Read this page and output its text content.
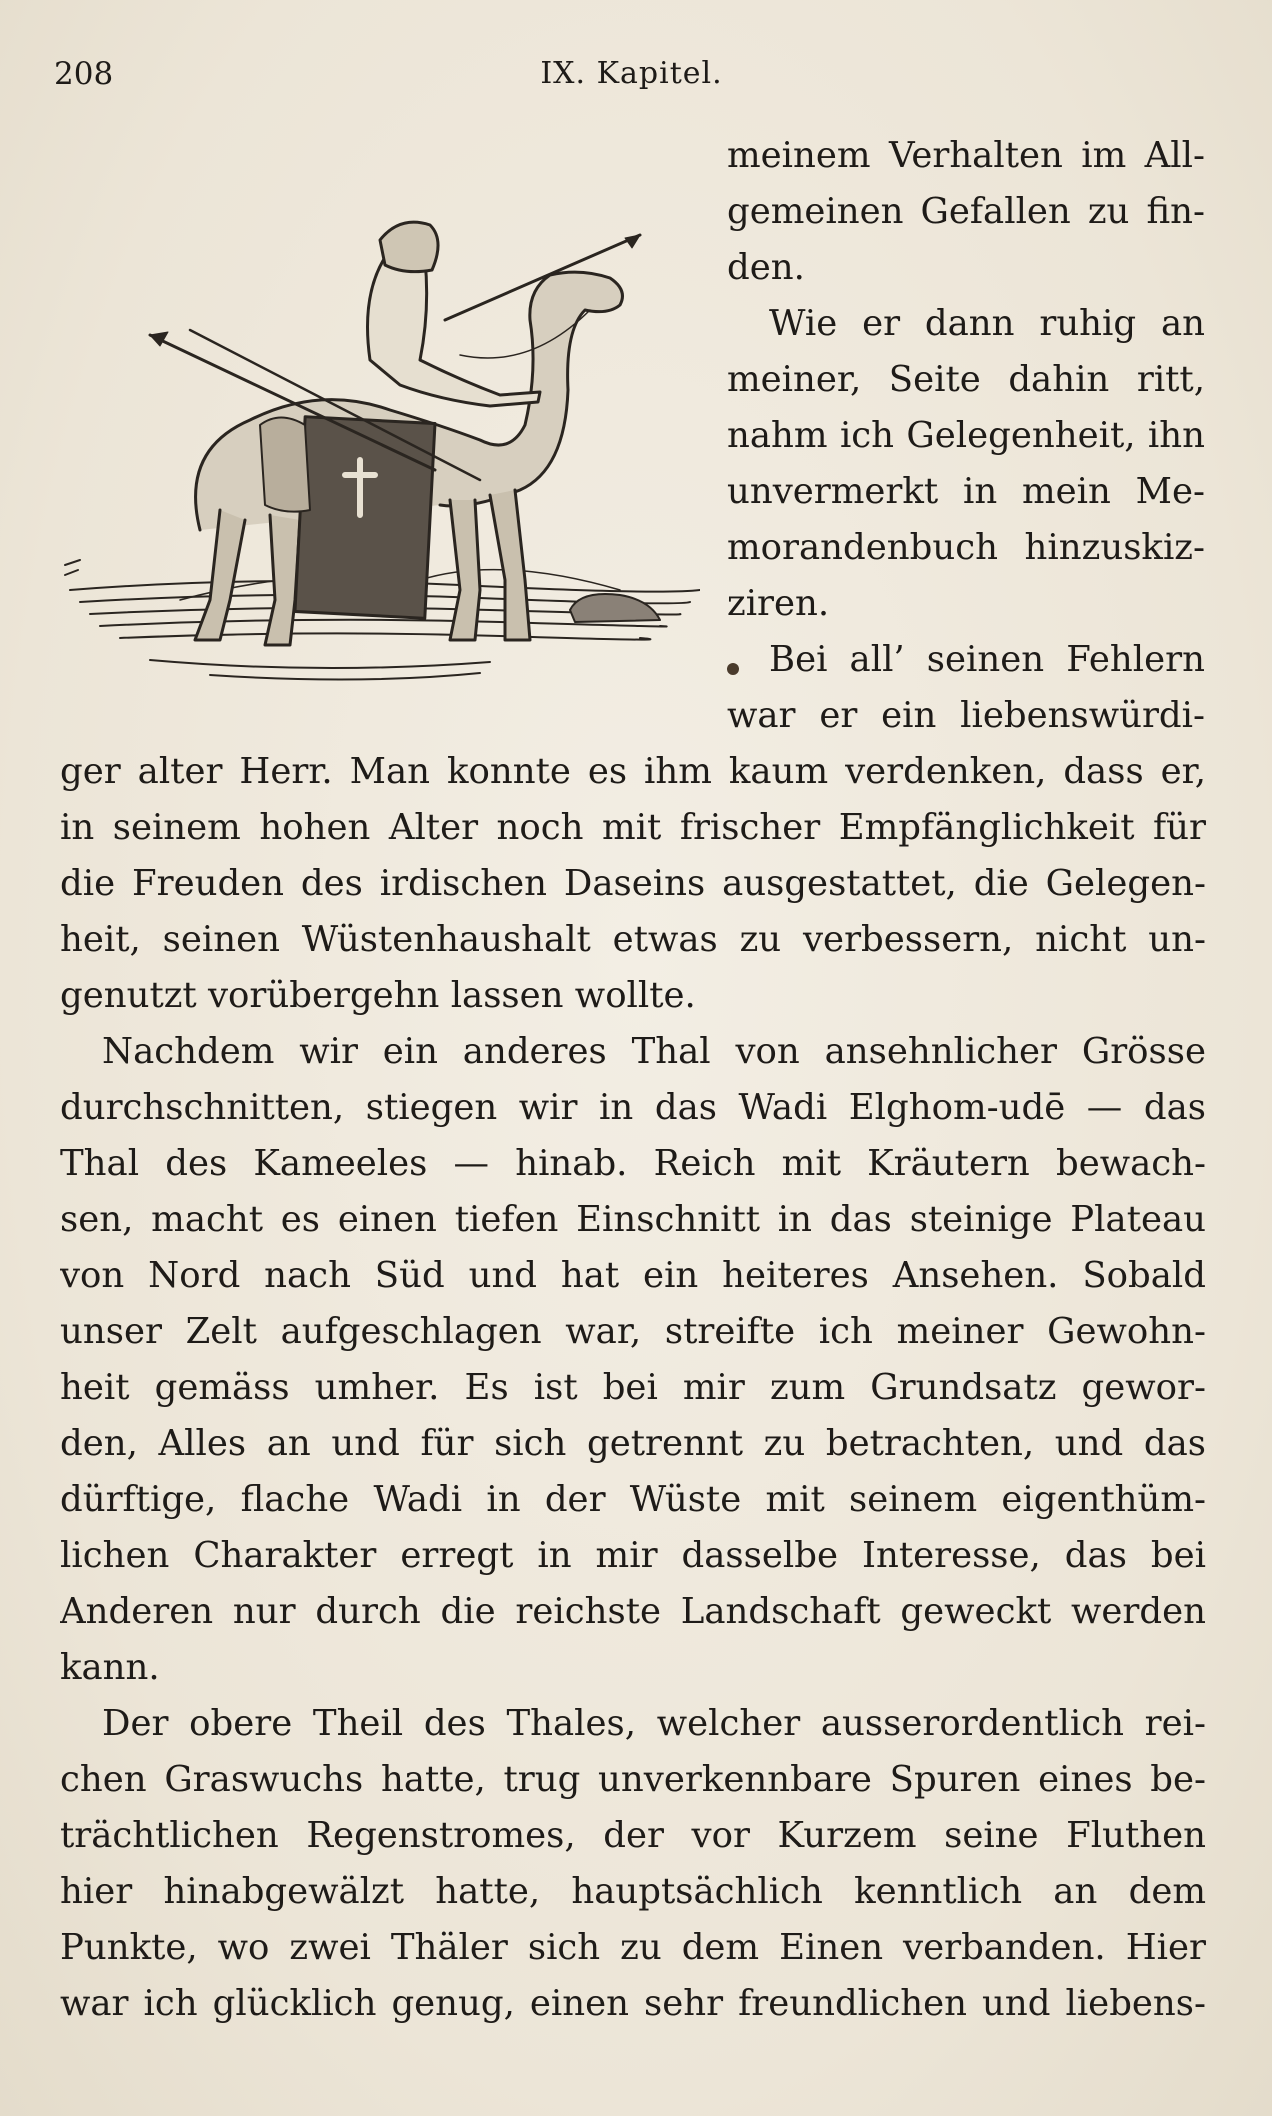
208	IX. Kapitel.
meinem Verhalten im All-
gemeinen Gefallen zu fin-
den.
Wie er dann ruhig an
meiner, Seite dahin ritt,
nahm ich Gelegenheit, ihn
unvermerkt in mein Me-
morandenbuch hinzuskiz-
ziren.
Bei all’ seinen Fehlern
war er ein liebenswürdi-
ger alter Herr. Man konnte es ihm kaum verdenken, dass er,
in seinem hohen Alter noch mit frischer Empfänglichkeit für
die Freuden des irdischen Daseins ausgestattet, die Gelegen-
heit, seinen Wüstenhaushalt etwas zu verbessern, nicht un-
genutzt vorübergehn lassen wollte.
Nachdem wir ein anderes Thal von ansehnlicher Grösse
durchschnitten, stiegen wir in das Wadi Elghom-udē — das
Thal des Kameeles — hinab. Reich mit Kräutern bewach-
sen, macht es einen tiefen Einschnitt in das steinige Plateau
von Nord nach Süd und hat ein heiteres Ansehen. Sobald
unser Zelt aufgeschlagen war, streifte ich meiner Gewohn-
heit gemäss umher. Es ist bei mir zum Grundsatz gewor-
den, Alles an und für sich getrennt zu betrachten, und das
dürftige, flache Wadi in der Wüste mit seinem eigenthüm-
lichen Charakter erregt in mir dasselbe Interesse, das bei
Anderen nur durch die reichste Landschaft geweckt werden
kann.
Der obere Theil des Thales, welcher ausserordentlich rei-
chen Graswuchs hatte, trug unverkennbare Spuren eines be-
trächtlichen Regenstromes, der vor Kurzem seine Fluthen
hier hinabgewälzt hatte, hauptsächlich kenntlich an dem
Punkte, wo zwei Thäler sich zu dem Einen verbanden. Hier
war ich glücklich genug, einen sehr freundlichen und liebens-
